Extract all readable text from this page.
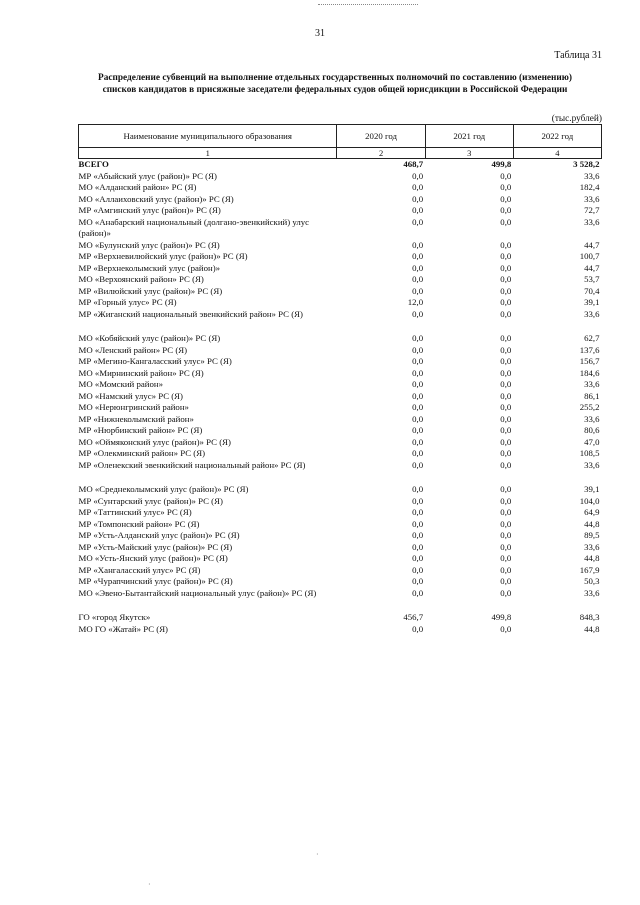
31
Таблица 31
Распределение субвенций на выполнение отдельных государственных полномочий по составлению (изменению)
списков кандидатов в присяжные заседатели федеральных судов общей юрисдикции в Российской Федерации
(тыс.рублей)
Наименование муниципального образования	2020 год	2021 год	2022 год
1	2	3	4

ВСЕГО	468,7	499,8	3 528,2

МР «Абыйский улус (район)» РС (Я)	0,0	0,0	33,6

МО «Алданский район» РС (Я)	0,0	0,0	182,4

МО «Аллаиховский улус (район)» РС (Я)	0,0	0,0	33,6

МР «Амгинский улус (район)» РС (Я)	0,0	0,0	72,7

МО «Анабарский национальный (долгано-эвенкийский) улус
(район)»	0,0	0,0	33,6

МО «Булунский улус (район)» РС (Я)	0,0	0,0	44,7

МР «Верхневилюйский улус (район)» РС (Я)	0,0	0,0	100,7

МР «Верхнеколымский улус (район)»	0,0	0,0	44,7

МО «Верхоянский район» РС (Я)	0,0	0,0	53,7

МР «Вилюйский улус (район)» РС (Я)	0,0	0,0	70,4

МР «Горный улус» РС (Я)	12,0	0,0	39,1

МР «Жиганский национальный эвенкийский район» РС (Я)	0,0	0,0	33,6

МО «Кобяйский улус (район)» РС (Я)	0,0	0,0	62,7

МО «Ленский район» РС (Я)	0,0	0,0	137,6

МР «Мегино-Кангаласский улус» РС (Я)	0,0	0,0	156,7

МО «Мирнинский район» РС (Я)	0,0	0,0	184,6

МО «Момский район»	0,0	0,0	33,6

МО «Намский улус» РС (Я)	0,0	0,0	86,1

МО «Нерюнгринский район»	0,0	0,0	255,2

МР «Нижнеколымский район»	0,0	0,0	33,6

МР «Нюрбинский район» РС (Я)	0,0	0,0	80,6

МО «Оймяконский улус (район)» РС (Я)	0,0	0,0	47,0

МР «Олекминский район» РС (Я)	0,0	0,0	108,5

МР «Оленекский эвенкийский национальный район» РС (Я)	0,0	0,0	33,6

МО «Среднеколымский улус (район)» РС (Я)	0,0	0,0	39,1

МР «Сунтарский улус (район)» РС (Я)	0,0	0,0	104,0

МР «Таттинский улус» РС (Я)	0,0	0,0	64,9

МР «Томпонский район» РС (Я)	0,0	0,0	44,8

МР «Усть-Алданский улус (район)» РС (Я)	0,0	0,0	89,5

МР «Усть-Майский улус (район)» РС (Я)	0,0	0,0	33,6

МО «Усть-Янский улус (район)» РС (Я)	0,0	0,0	44,8

МР «Хангаласский улус» РС (Я)	0,0	0,0	167,9

МР «Чурапчинский улус (район)» РС (Я)	0,0	0,0	50,3

МО «Эвено-Бытантайский национальный улус (район)» РС (Я)	0,0	0,0	33,6

ГО «город Якутск»	456,7	499,8	848,3

МО ГО «Жатай» РС (Я)	0,0	0,0	44,8
·
·
